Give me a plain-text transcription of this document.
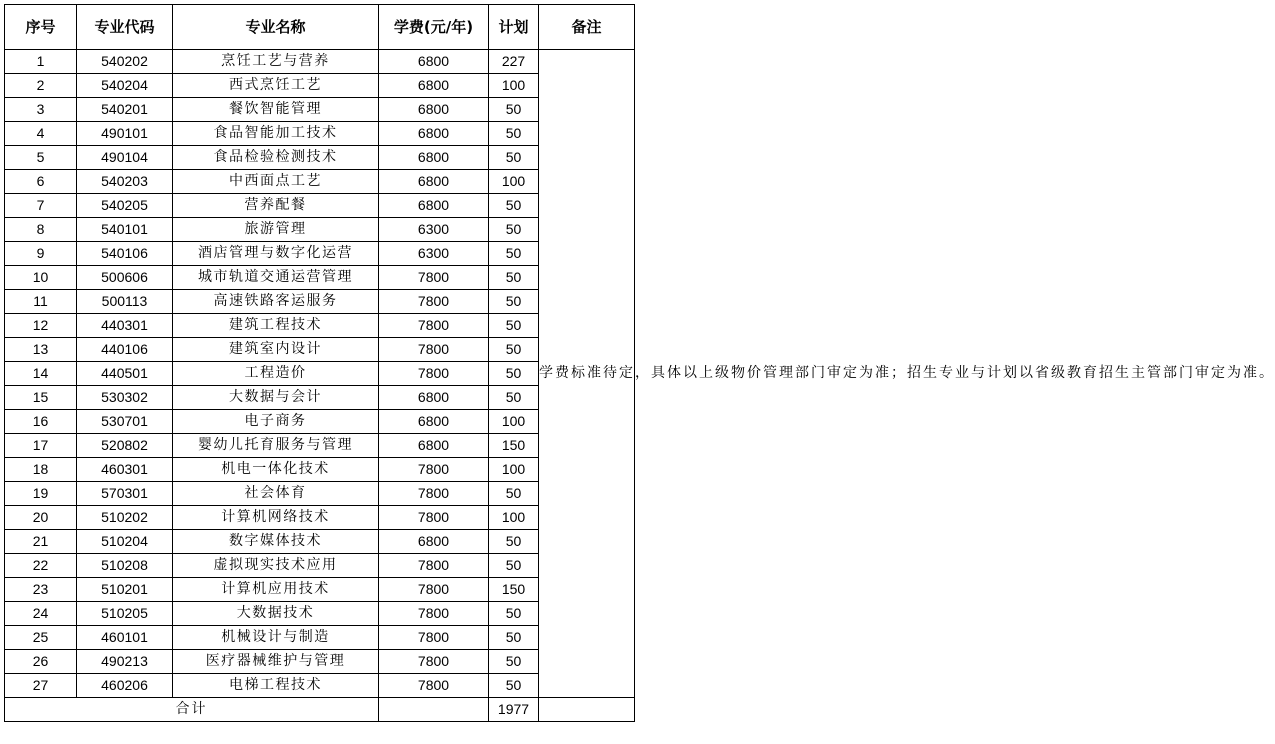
序号	专业代码	专业名称	学费(元/年)	计划	备注
1	540202	烹饪工艺与营养	6800	227	学费标准待定，具体以上级物价管理部门审定为准；招生专业与计划以省级教育招生主管部门审定为准。
2	540204	西式烹饪工艺	6800	100	
3	540201	餐饮智能管理	6800	50	
4	490101	食品智能加工技术	6800	50	
5	490104	食品检验检测技术	6800	50	
6	540203	中西面点工艺	6800	100	
7	540205	营养配餐	6800	50	
8	540101	旅游管理	6300	50	
9	540106	酒店管理与数字化运营	6300	50	
10	500606	城市轨道交通运营管理	7800	50	
11	500113	高速铁路客运服务	7800	50	
12	440301	建筑工程技术	7800	50	
13	440106	建筑室内设计	7800	50	
14	440501	工程造价	7800	50	
15	530302	大数据与会计	6800	50	
16	530701	电子商务	6800	100	
17	520802	婴幼儿托育服务与管理	6800	150	
18	460301	机电一体化技术	7800	100	
19	570301	社会体育	7800	50	
20	510202	计算机网络技术	7800	100	
21	510204	数字媒体技术	6800	50	
22	510208	虚拟现实技术应用	7800	50	
23	510201	计算机应用技术	7800	150	
24	510205	大数据技术	7800	50	
25	460101	机械设计与制造	7800	50	
26	490213	医疗器械维护与管理	7800	50	
27	460206	电梯工程技术	7800	50	
合计				1977	
